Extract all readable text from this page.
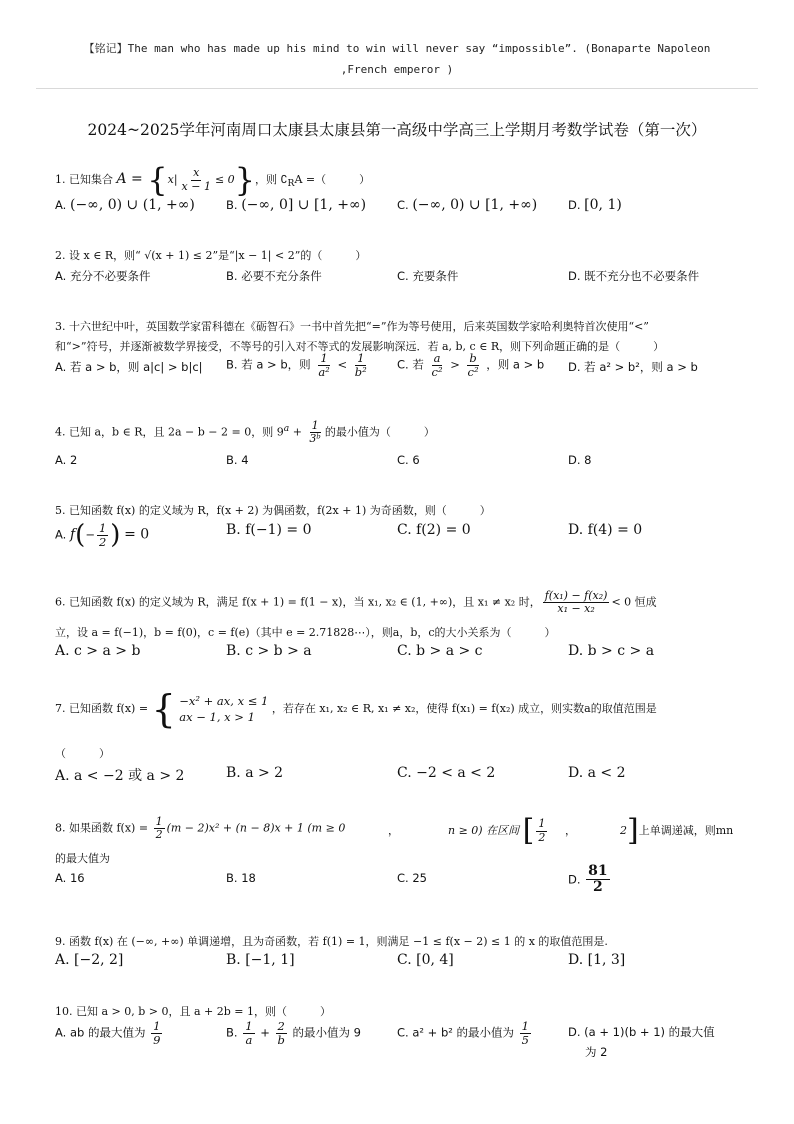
【铭记】The man who has made up his mind to win will never say “impossible”. (Bonaparte Napoleon
,French emperor )
2024~2025学年河南周口太康县太康县第一高级中学高三上学期月考数学试卷（第一次）
1. 已知集合 $A = \{x| \frac{x}{x - 1} \le 0\}$，则 $∁_RA$ =（　　　）
A. (−∞, 0) ∪ (1, +∞)	B. (−∞, 0] ∪ [1, +∞)	C. (−∞, 0) ∪ [1, +∞)	D. [0, 1)
2. 设 x ∈ R，则“ √(x + 1) ≤ 2”是“|x − 1| < 2”的（　　　）
A. 充分不必要条件	B. 必要不充分条件	C. 充要条件	D. 既不充分也不必要条件
3. 十六世纪中叶，英国数学家雷科德在《砺智石》一书中首先把“=”作为等号使用，后来英国数学家哈利奥特首次使用“<”
和“>”符号，并逐渐被数学界接受，不等号的引入对不等式的发展影响深远．若 a, b, c ∈ R，则下列命题正确的是（　　　）
A. 若 a > b，则 a|c| > b|c| B. 若 a > b，则 $\frac{1}{\text{a²}} < \frac{1}{\text{b²}} C$. 若 $\frac{a}{\text{c²}} > \frac{b}{\text{c²}}$ ，则 a > b D. 若 a² > b²，则 a > b
4. 已知 a，b ∈ R，且 2a − b − 2 = 0，则 $9^a + \frac{1}{\text{3ᵇ}}$ 的最小值为（　　　）
A. 2	B. 4	C. 6	D. 8
5. 已知函数 f(x) 的定义域为 R，f(x + 2) 为偶函数，f(2x + 1) 为奇函数，则（　　　）
A. $f(- \frac{1}{2}$ ) = 0	B. f(−1) = 0	C. f(2) = 0	D. f(4) = 0
6. 已知函数 f(x) 的定义域为 R，满足 f(x + 1) = f(1 − x)，当 x₁, x₂ ∈ (1, +∞)，且 x₁ ≠ x₂ 时， $\frac{\text{f(x₁) − f(x₂)}}{\text{x₁ − x₂}} < 0$ 恒成
立，设 a = f(−1)，b = f(0)，c = f(e)（其中 e = 2.71828⋯），则a，b，c的大小关系为（　　　）
A. c > a > b	B. c > b > a	C. b > a > c	D. b > c > a
7. 已知函数 f(x) = { −x² + ax, x ≤ 1
ax − 1, x > 1
，若存在 x₁, x₂ ∈ R, x₁ ≠ x₂，使得 f(x₁) = f(x₂) 成立，则实数a的取值范围是
（　　　）
A. a < −2 或 a > 2	B. a > 2	C. −2 < a < 2	D. a < 2
8. 如果函数 $f(x) = \frac{1}{2} (m - 2)x^2 + (n - 8)x + 1$ (m ≥ 0	，	n ≥ 0) 在区间 [ $\frac{1}{2}$ ，	2]上单调递减，则mn
的最大值为
A. 16	B. 18	C. 25	D. $\frac{81}{2}$
9. 函数 f(x) 在 (−∞, +∞) 单调递增，且为奇函数，若 f(1) = 1，则满足 −1 ≤ f(x − 2) ≤ 1 的 x 的取值范围是.
A. [−2, 2]	B. [−1, 1]	C. [0, 4]	D. [1, 3]
10. 已知 a > 0, b > 0，且 a + 2b = 1，则（　　　）
A. ab 的最大值为 $\frac{1}{9}$	B. $\frac{1}{a} + \frac{2}{b}$ 的最小值为 9	C. a² + b² 的最小值为 $\frac{1}{5}$	D. (a + 1)(b + 1) 的最大值
为 2
